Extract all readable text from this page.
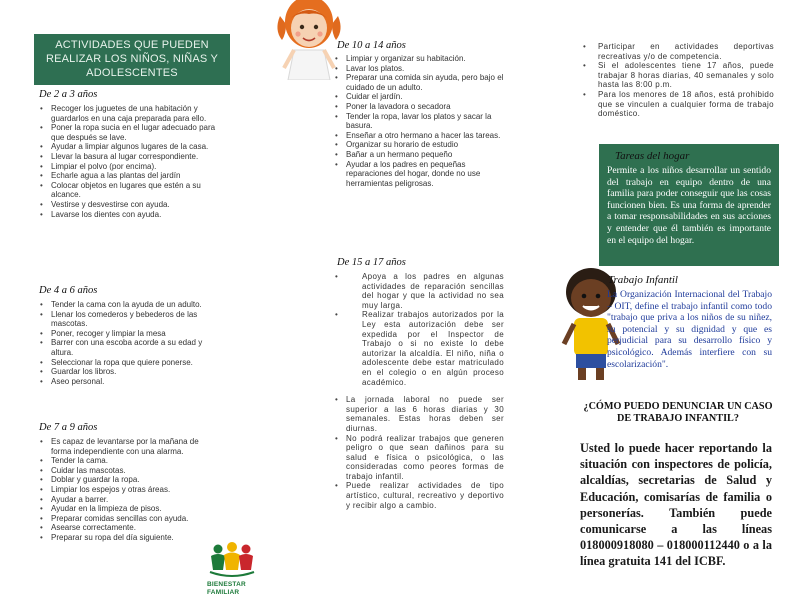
ACTIVIDADES QUE PUEDEN REALIZAR LOS NIÑOS, NIÑAS Y ADOLESCENTES
De 2 a 3 años
• Recoger los juguetes de una habitación y guardarlos en una caja preparada para ello.
• Poner la ropa sucia en el lugar adecuado para que después se lave.
• Ayudar a limpiar algunos lugares de la casa.
• Llevar la basura al lugar correspondiente.
• Limpiar el polvo (por encima).
• Echarle agua a las plantas del jardín
• Colocar objetos en lugares que estén a su alcance.
• Vestirse y desvestirse con ayuda.
• Lavarse los dientes con ayuda.
De 4 a 6 años
• Tender la cama con la ayuda de un adulto.
• Llenar los comederos y bebederos de las mascotas.
• Poner, recoger y limpiar la mesa
• Barrer con una escoba acorde a su edad y altura.
• Seleccionar la ropa que quiere ponerse.
• Guardar los libros.
• Aseo personal.
De 7 a 9 años
• Es capaz de levantarse por la mañana de forma independiente con una alarma.
• Tender la cama.
• Cuidar las mascotas.
• Doblar y guardar la ropa.
• Limpiar los espejos y otras áreas.
• Ayudar a barrer.
• Ayudar en la limpieza de pisos.
• Preparar comidas sencillas con ayuda.
• Asearse correctamente.
• Preparar su ropa del día siguiente.
BIENESTAR
FAMILIAR
De 10 a 14 años
• Limpiar y organizar su habitación.
• Lavar los platos.
• Preparar una comida sin ayuda, pero bajo el cuidado de un adulto.
• Cuidar el jardín.
• Poner la lavadora o secadora
• Tender la ropa, lavar los platos y sacar la basura.
• Enseñar a otro hermano a hacer las tareas.
• Organizar su horario de estudio
• Bañar a un hermano pequeño
• Ayudar a los padres en pequeñas reparaciones del hogar, donde no use herramientas peligrosas.
De 15 a 17 años
• Apoya a los padres en algunas actividades de reparación sencillas del hogar y que la actividad no sea muy larga.
• Realizar trabajos autorizados por la Ley esta autorización debe ser expedida por el Inspector de Trabajo o si no existe lo debe autorizar la alcaldía. El niño, niña o adolescente debe estar matriculado en el colegio o en algún proceso académico.
• La jornada laboral no puede ser superior a las 6 horas diarias y 30 semanales. Estas horas deben ser diurnas.
• No podrá realizar trabajos que generen peligro o que sean dañinos para su salud e física o psicológica, o las consideradas como peores formas de trabajo infantil.
• Puede realizar actividades de tipo artístico, cultural, recreativo y deportivo y recibir algo a cambio.
• Participar en actividades deportivas recreativas y/o de competencia.
• Si el adolescentes tiene 17 años, puede trabajar 8 horas diarias, 40 semanales y solo hasta las 8:00 p.m.
• Para los menores de 18 años, está prohibido que se vinculen a cualquier forma de trabajo doméstico.
Tareas del hogar
Permite a los niños desarrollar un sentido del trabajo en equipo dentro de una familia para poder conseguir que las cosas funcionen bien. Es una forma de aprender a tomar responsabilidades en sus acciones y entender que él también es importante en el equipo del hogar.
Trabajo Infantil
La Organización Internacional del Trabajo – OIT, define el trabajo infantil como todo "trabajo que priva a los niños de su niñez, su potencial y su dignidad y que es perjudicial para su desarrollo físico y psicológico. Además interfiere con su escolarización".
¿CÓMO PUEDO DENUNCIAR UN CASO DE TRABAJO INFANTIL?
Usted lo puede hacer reportando la situación con inspectores de policía, alcaldías, secretarias de Salud y Educación, comisarías de familia o personerías. También puede comunicarse a las líneas 018000918080 – 018000112440 o a la línea gratuita 141 del ICBF.
